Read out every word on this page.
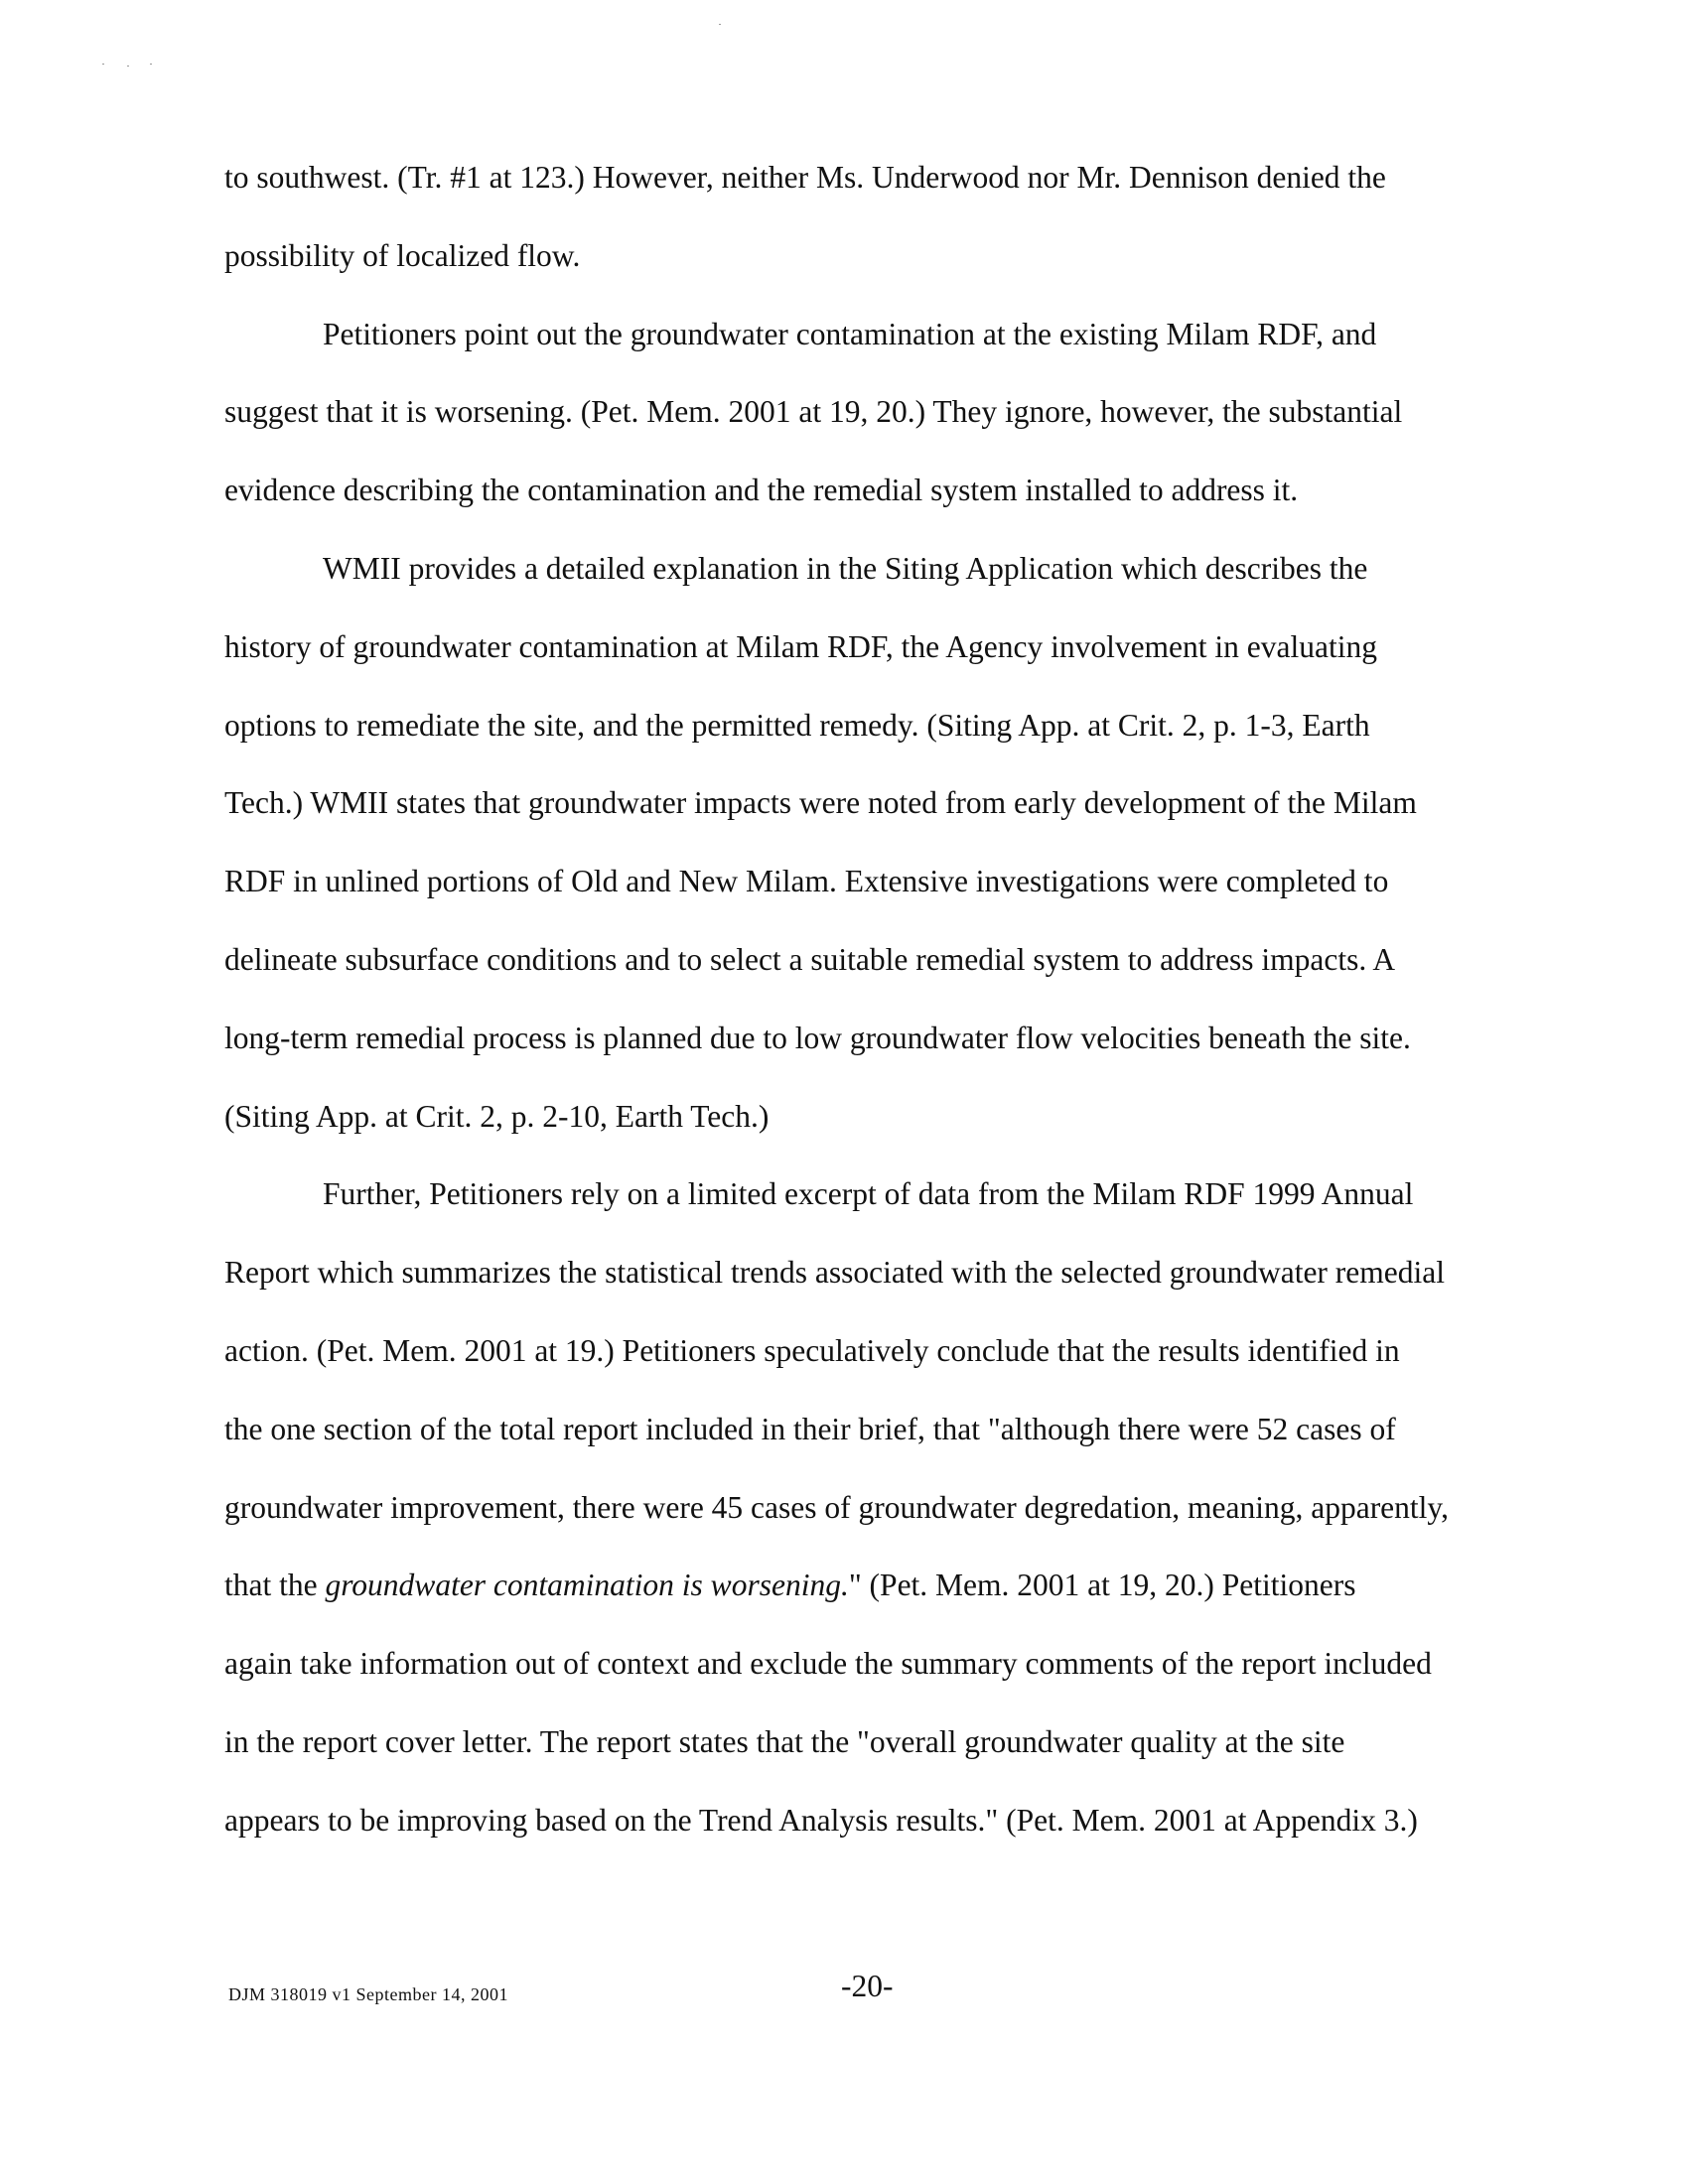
to southwest. (Tr. #1 at 123.) However, neither Ms. Underwood nor Mr. Dennison denied the
possibility of localized flow.
Petitioners point out the groundwater contamination at the existing Milam RDF, and
suggest that it is worsening. (Pet. Mem. 2001 at 19, 20.) They ignore, however, the substantial
evidence describing the contamination and the remedial system installed to address it.
WMII provides a detailed explanation in the Siting Application which describes the
history of groundwater contamination at Milam RDF, the Agency involvement in evaluating
options to remediate the site, and the permitted remedy. (Siting App. at Crit. 2, p. 1-3, Earth
Tech.) WMII states that groundwater impacts were noted from early development of the Milam
RDF in unlined portions of Old and New Milam. Extensive investigations were completed to
delineate subsurface conditions and to select a suitable remedial system to address impacts. A
long-term remedial process is planned due to low groundwater flow velocities beneath the site.
(Siting App. at Crit. 2, p. 2-10, Earth Tech.)
Further, Petitioners rely on a limited excerpt of data from the Milam RDF 1999 Annual
Report which summarizes the statistical trends associated with the selected groundwater remedial
action. (Pet. Mem. 2001 at 19.) Petitioners speculatively conclude that the results identified in
the one section of the total report included in their brief, that "although there were 52 cases of
groundwater improvement, there were 45 cases of groundwater degredation, meaning, apparently,
that the groundwater contamination is worsening." (Pet. Mem. 2001 at 19, 20.) Petitioners
again take information out of context and exclude the summary comments of the report included
in the report cover letter. The report states that the "overall groundwater quality at the site
appears to be improving based on the Trend Analysis results." (Pet. Mem. 2001 at Appendix 3.)
DJM 318019 v1 September 14, 2001	-20-
